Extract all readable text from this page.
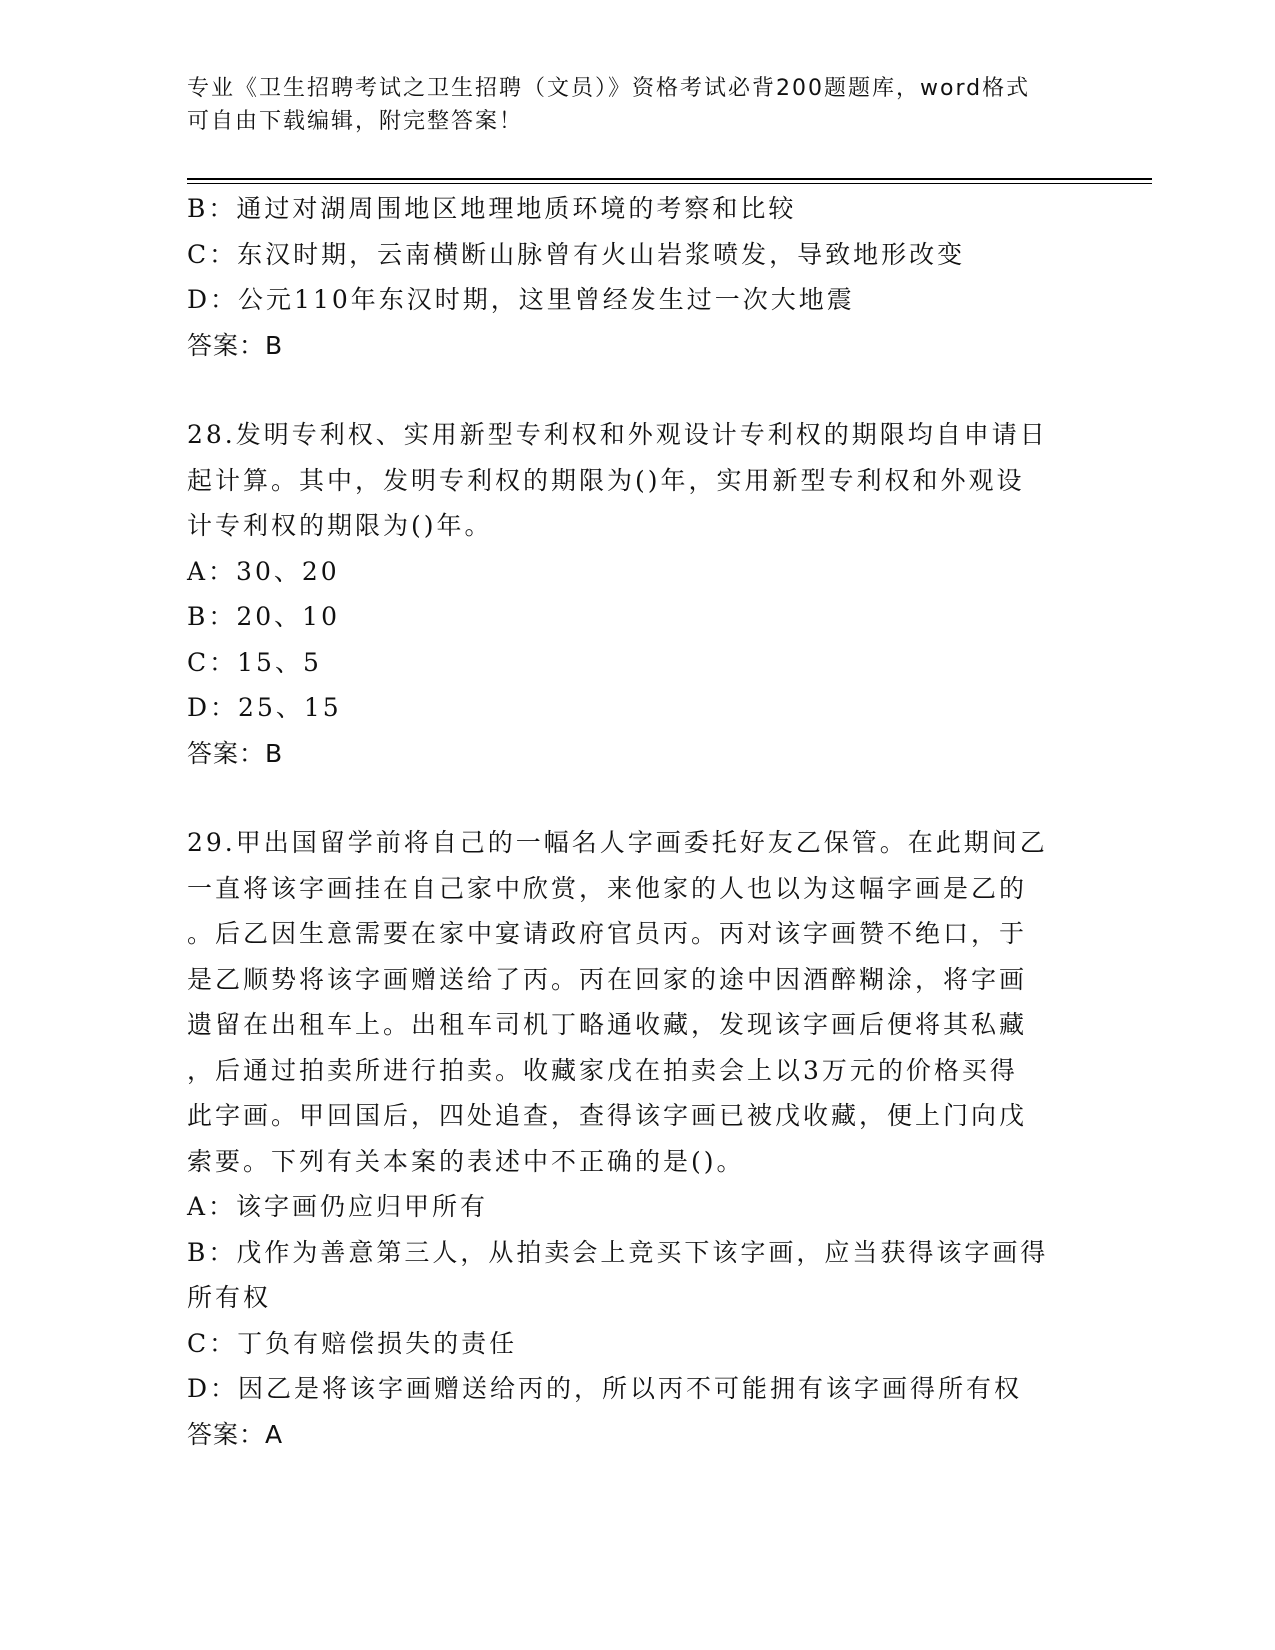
专业《卫生招聘考试之卫生招聘（文员）》资格考试必背200题题库，word格式
可自由下载编辑，附完整答案！
B：通过对湖周围地区地理地质环境的考察和比较
C：东汉时期，云南横断山脉曾有火山岩浆喷发，导致地形改变
D：公元110年东汉时期，这里曾经发生过一次大地震
答案：B
28.发明专利权、实用新型专利权和外观设计专利权的期限均自申请日
起计算。其中，发明专利权的期限为()年，实用新型专利权和外观设
计专利权的期限为()年。
A：30、20
B：20、10
C：15、5
D：25、15
答案：B
29.甲出国留学前将自己的一幅名人字画委托好友乙保管。在此期间乙
一直将该字画挂在自己家中欣赏，来他家的人也以为这幅字画是乙的
。后乙因生意需要在家中宴请政府官员丙。丙对该字画赞不绝口，于
是乙顺势将该字画赠送给了丙。丙在回家的途中因酒醉糊涂，将字画
遗留在出租车上。出租车司机丁略通收藏，发现该字画后便将其私藏
，后通过拍卖所进行拍卖。收藏家戊在拍卖会上以3万元的价格买得
此字画。甲回国后，四处追查，查得该字画已被戊收藏，便上门向戊
索要。下列有关本案的表述中不正确的是()。
A：该字画仍应归甲所有
B：戊作为善意第三人，从拍卖会上竞买下该字画，应当获得该字画得
所有权
C：丁负有赔偿损失的责任
D：因乙是将该字画赠送给丙的，所以丙不可能拥有该字画得所有权
答案：A
